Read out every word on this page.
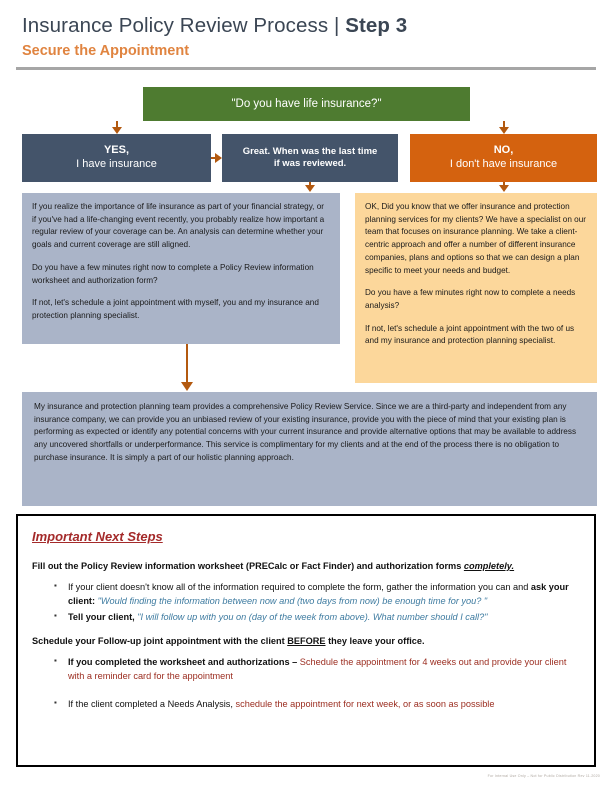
Insurance Policy Review Process | Step 3
Secure the Appointment
"Do you have life insurance?"
YES,
I have insurance
Great. When was the last time
if was reviewed.
NO,
I don't have insurance

If you realize the importance of life insurance as part of your financial strategy, or if you've had a life-changing event recently, you probably realize how important a regular review of your coverage can be. An analysis can determine whether your goals and current coverage are still aligned.

Do you have a few minutes right now to complete a Policy Review information worksheet and authorization form?

If not, let's schedule a joint appointment with myself, you and my insurance and protection planning specialist.

OK, Did you know that we offer insurance and protection planning services for my clients? We have a specialist on our team that focuses on insurance planning. We take a client-centric approach and offer a number of different insurance companies, plans and options so that we can design a plan specific to meet your needs and budget.

Do you have a few minutes right now to complete a needs analysis?

If not, let's schedule a joint appointment with the two of us and my insurance and protection planning specialist.

My insurance and protection planning team provides a comprehensive Policy Review Service. Since we are a third-party and independent from any insurance company, we can provide you an unbiased review of your existing insurance, provide you with the piece of mind that your existing plan is performing as expected or identify any potential concerns with your current insurance and provide alternative options that may be available to address any uncovered shortfalls or underperformance. This service is complimentary for my clients and at the end of the process there is no obligation to purchase insurance. It is simply a part of our holistic planning approach.

Important Next Steps

Fill out the Policy Review information worksheet (PRECalc or Fact Finder) and authorization forms completely.

▪ If your client doesn't know all of the information required to complete the form, gather the information you can and ask your client: "Would finding the information between now and (two days from now) be enough time for you? "
▪ Tell your client, "I will follow up with you on (day of the week from above). What number should I call?"

Schedule your Follow-up joint appointment with the client BEFORE they leave your office.

▪ If you completed the worksheet and authorizations – Schedule the appointment for 4 weeks out and provide your client with a reminder card for the appointment
▪ If the client completed a Needs Analysis, schedule the appointment for next week, or as soon as possible
For Internal Use Only – Not for Public Distribution Rev 11.2020
